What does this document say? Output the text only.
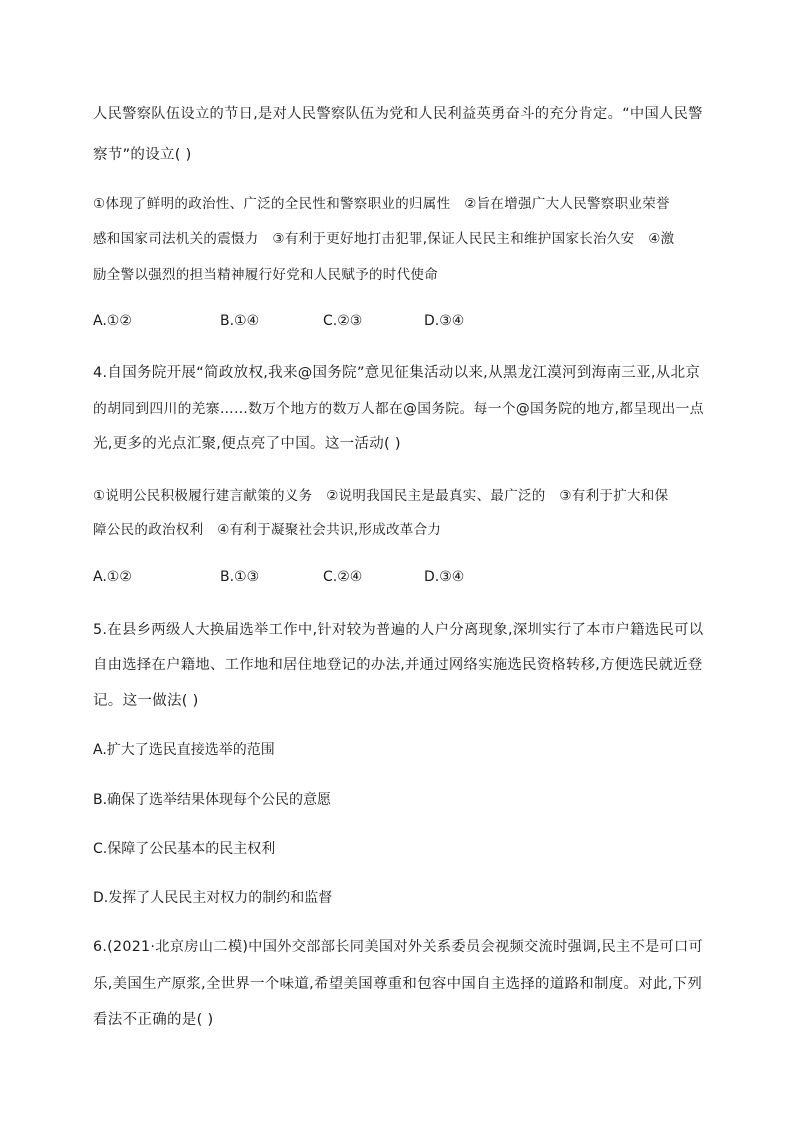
人民警察队伍设立的节日,是对人民警察队伍为党和人民利益英勇奋斗的充分肯定。“中国人民警
察节”的设立( )
①体现了鲜明的政治性、广泛的全民性和警察职业的归属性　②旨在增强广大人民警察职业荣誉
感和国家司法机关的震慑力　③有利于更好地打击犯罪,保证人民民主和维护国家长治久安　④激
励全警以强烈的担当精神履行好党和人民赋予的时代使命
A.①②	B.①④	C.②③	D.③④
4.自国务院开展“简政放权,我来@国务院”意见征集活动以来,从黑龙江漠河到海南三亚,从北京
的胡同到四川的羌寨……数万个地方的数万人都在@国务院。每一个@国务院的地方,都呈现出一点
光,更多的光点汇聚,便点亮了中国。这一活动( )
①说明公民积极履行建言献策的义务　②说明我国民主是最真实、最广泛的　③有利于扩大和保
障公民的政治权利　④有利于凝聚社会共识,形成改革合力
A.①②	B.①③	C.②④	D.③④
5.在县乡两级人大换届选举工作中,针对较为普遍的人户分离现象,深圳实行了本市户籍选民可以
自由选择在户籍地、工作地和居住地登记的办法,并通过网络实施选民资格转移,方便选民就近登
记。这一做法( )
A.扩大了选民直接选举的范围
B.确保了选举结果体现每个公民的意愿
C.保障了公民基本的民主权利
D.发挥了人民民主对权力的制约和监督
6.(2021·北京房山二模)中国外交部部长同美国对外关系委员会视频交流时强调,民主不是可口可
乐,美国生产原浆,全世界一个味道,希望美国尊重和包容中国自主选择的道路和制度。对此,下列
看法不正确的是( )
